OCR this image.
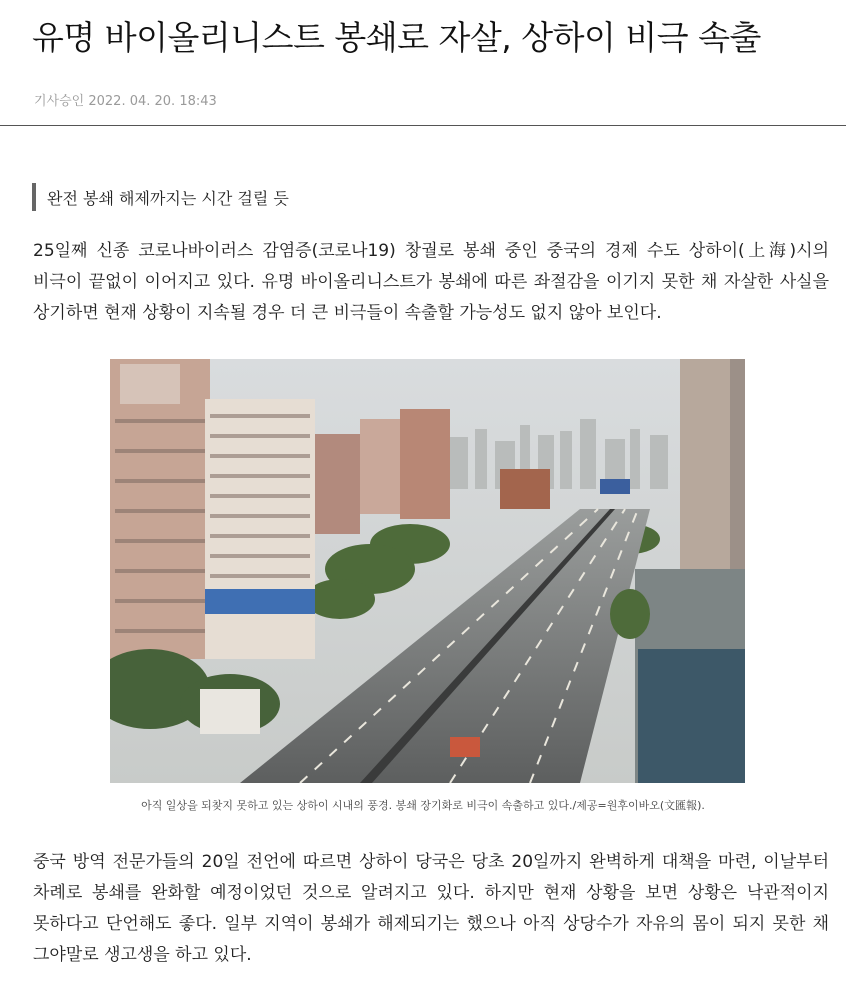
유명 바이올리니스트 봉쇄로 자살, 상하이 비극 속출
기사승인 2022. 04. 20. 18:43
완전 봉쇄 해제까지는 시간 걸릴 듯

25일째 신종 코로나바이러스 감염증(코로나19) 창궐로 봉쇄 중인 중국의 경제 수도 상하이(上海)시의 비극이 끝없이 이어지고 있다. 유명 바이올리니스트가 봉쇄에 따른 좌절감을 이기지 못한 채 자살한 사실을 상기하면 현재 상황이 지속될 경우 더 큰 비극들이 속출할 가능성도 없지 않아 보인다.

아직 일상을 되찾지 못하고 있는 상하이 시내의 풍경. 봉쇄 장기화로 비극이 속출하고 있다./제공=원후이바오(文匯報).

중국 방역 전문가들의 20일 전언에 따르면 상하이 당국은 당초 20일까지 완벽하게 대책을 마련, 이날부터 차례로 봉쇄를 완화할 예정이었던 것으로 알려지고 있다. 하지만 현재 상황을 보면 상황은 낙관적이지 못하다고 단언해도 좋다. 일부 지역이 봉쇄가 해제되기는 했으나 아직 상당수가 자유의 몸이 되지 못한 채 그야말로 생고생을 하고 있다.
